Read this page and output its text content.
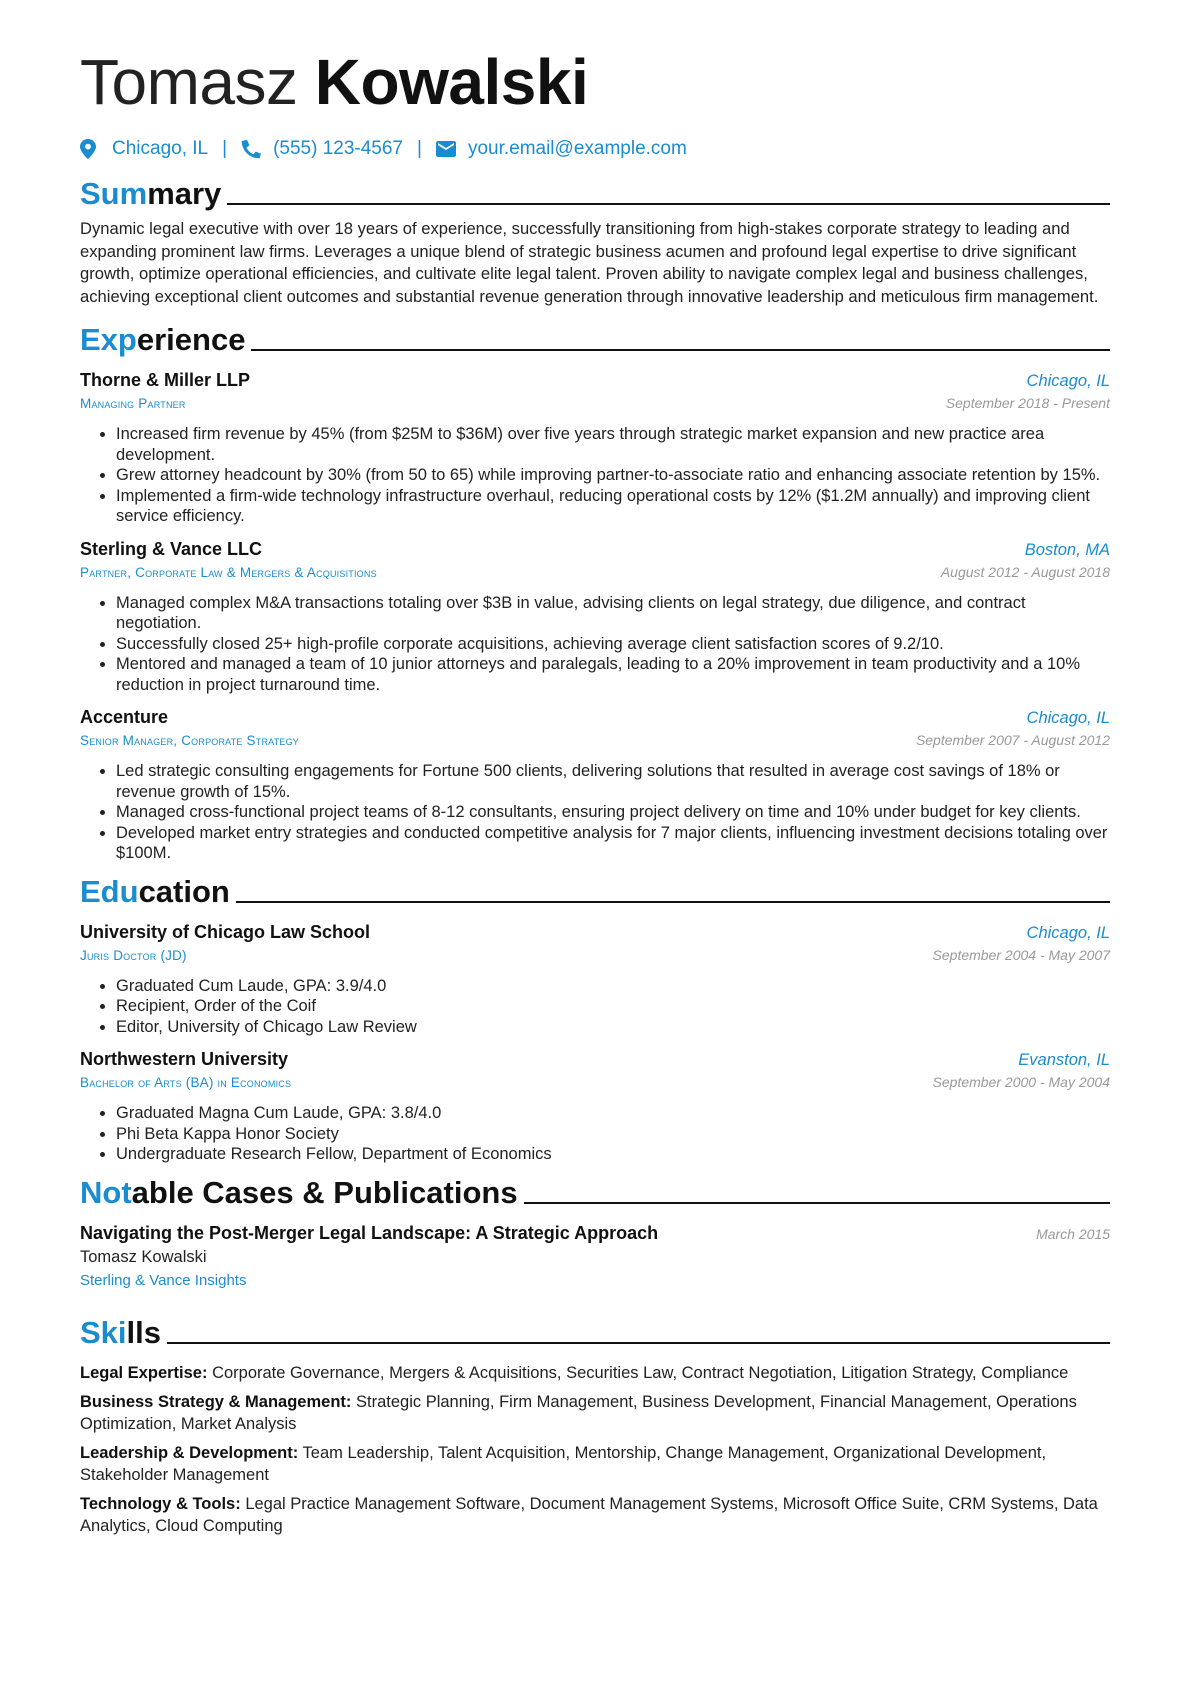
Tomasz Kowalski
Chicago, IL | (555) 123-4567 | your.email@example.com
Summary

Dynamic legal executive with over 18 years of experience, successfully transitioning from high-stakes corporate strategy to leading and expanding prominent law firms. Leverages a unique blend of strategic business acumen and profound legal expertise to drive significant growth, optimize operational efficiencies, and cultivate elite legal talent. Proven ability to navigate complex legal and business challenges, achieving exceptional client outcomes and substantial revenue generation through innovative leadership and meticulous firm management.

Experience
Thorne & Miller LLP	Chicago, IL
Managing Partner	September 2018 - Present
• Increased firm revenue by 45% (from $25M to $36M) over five years through strategic market expansion and new practice area development.
• Grew attorney headcount by 30% (from 50 to 65) while improving partner-to-associate ratio and enhancing associate retention by 15%.
• Implemented a firm-wide technology infrastructure overhaul, reducing operational costs by 12% ($1.2M annually) and improving client service efficiency.
Sterling & Vance LLC	Boston, MA
Partner, Corporate Law & Mergers & Acquisitions	August 2012 - August 2018
• Managed complex M&A transactions totaling over $3B in value, advising clients on legal strategy, due diligence, and contract negotiation.
• Successfully closed 25+ high-profile corporate acquisitions, achieving average client satisfaction scores of 9.2/10.
• Mentored and managed a team of 10 junior attorneys and paralegals, leading to a 20% improvement in team productivity and a 10% reduction in project turnaround time.
Accenture	Chicago, IL
Senior Manager, Corporate Strategy	September 2007 - August 2012
• Led strategic consulting engagements for Fortune 500 clients, delivering solutions that resulted in average cost savings of 18% or revenue growth of 15%.
• Managed cross-functional project teams of 8-12 consultants, ensuring project delivery on time and 10% under budget for key clients.
• Developed market entry strategies and conducted competitive analysis for 7 major clients, influencing investment decisions totaling over $100M.
Education
University of Chicago Law School	Chicago, IL
Juris Doctor (JD)	September 2004 - May 2007
• Graduated Cum Laude, GPA: 3.9/4.0
• Recipient, Order of the Coif
• Editor, University of Chicago Law Review
Northwestern University	Evanston, IL
Bachelor of Arts (BA) in Economics	September 2000 - May 2004
• Graduated Magna Cum Laude, GPA: 3.8/4.0
• Phi Beta Kappa Honor Society
• Undergraduate Research Fellow, Department of Economics
Notable Cases & Publications
Navigating the Post-Merger Legal Landscape: A Strategic Approach	March 2015
Tomasz Kowalski
Sterling & Vance Insights
Skills
Legal Expertise: Corporate Governance, Mergers & Acquisitions, Securities Law, Contract Negotiation, Litigation Strategy, Compliance
Business Strategy & Management: Strategic Planning, Firm Management, Business Development, Financial Management, Operations Optimization, Market Analysis
Leadership & Development: Team Leadership, Talent Acquisition, Mentorship, Change Management, Organizational Development, Stakeholder Management
Technology & Tools: Legal Practice Management Software, Document Management Systems, Microsoft Office Suite, CRM Systems, Data Analytics, Cloud Computing
